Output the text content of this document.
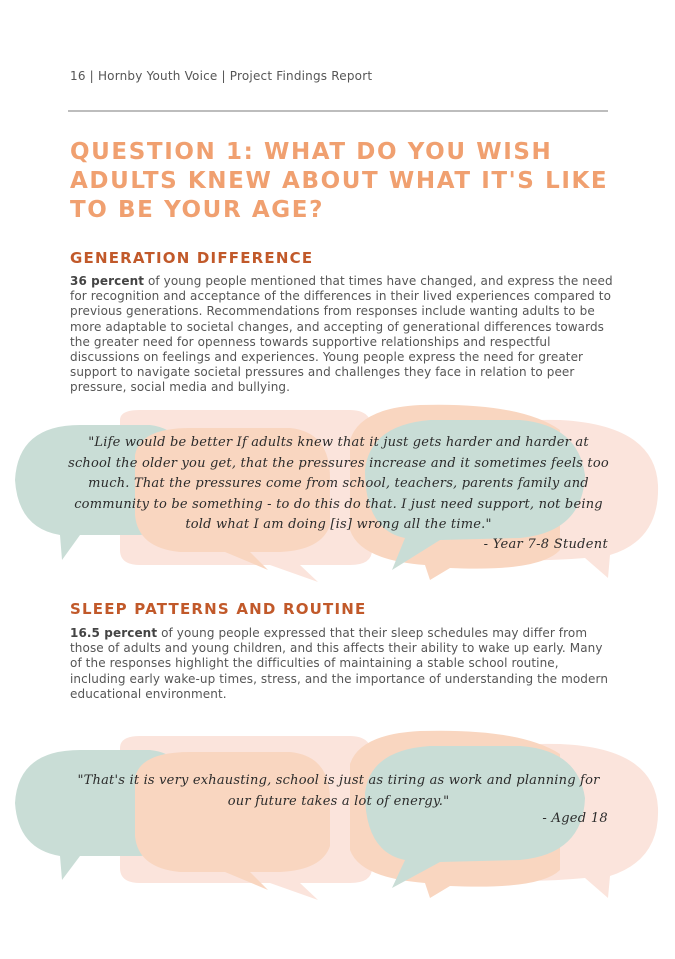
16 | Hornby Youth Voice | Project Findings Report
QUESTION 1: WHAT DO YOU WISH ADULTS KNEW ABOUT WHAT IT'S LIKE TO BE YOUR AGE?
GENERATION DIFFERENCE

36 percent of young people mentioned that times have changed, and express the need for recognition and acceptance of the differences in their lived experiences compared to previous generations. Recommendations from responses include wanting adults to be more adaptable to societal changes, and accepting of generational differences towards the greater need for openness towards supportive relationships and respectful discussions on feelings and experiences. Young people express the need for greater support to navigate societal pressures and challenges they face in relation to peer pressure, social media and bullying.

"Life would be better If adults knew that it just gets harder and harder at school the older you get, that the pressures increase and it sometimes feels too much. That the pressures come from school, teachers, parents family and community to be something - to do this do that. I just need support, not being told what I am doing [is] wrong all the time."

- Year 7-8 Student

SLEEP PATTERNS AND ROUTINE

16.5 percent of young people expressed that their sleep schedules may differ from those of adults and young children, and this affects their ability to wake up early. Many of the responses highlight the difficulties of maintaining a stable school routine, including early wake-up times, stress, and the importance of understanding the modern educational environment.

"That's it is very exhausting, school is just as tiring as work and planning for our future takes a lot of energy."

- Aged 18
